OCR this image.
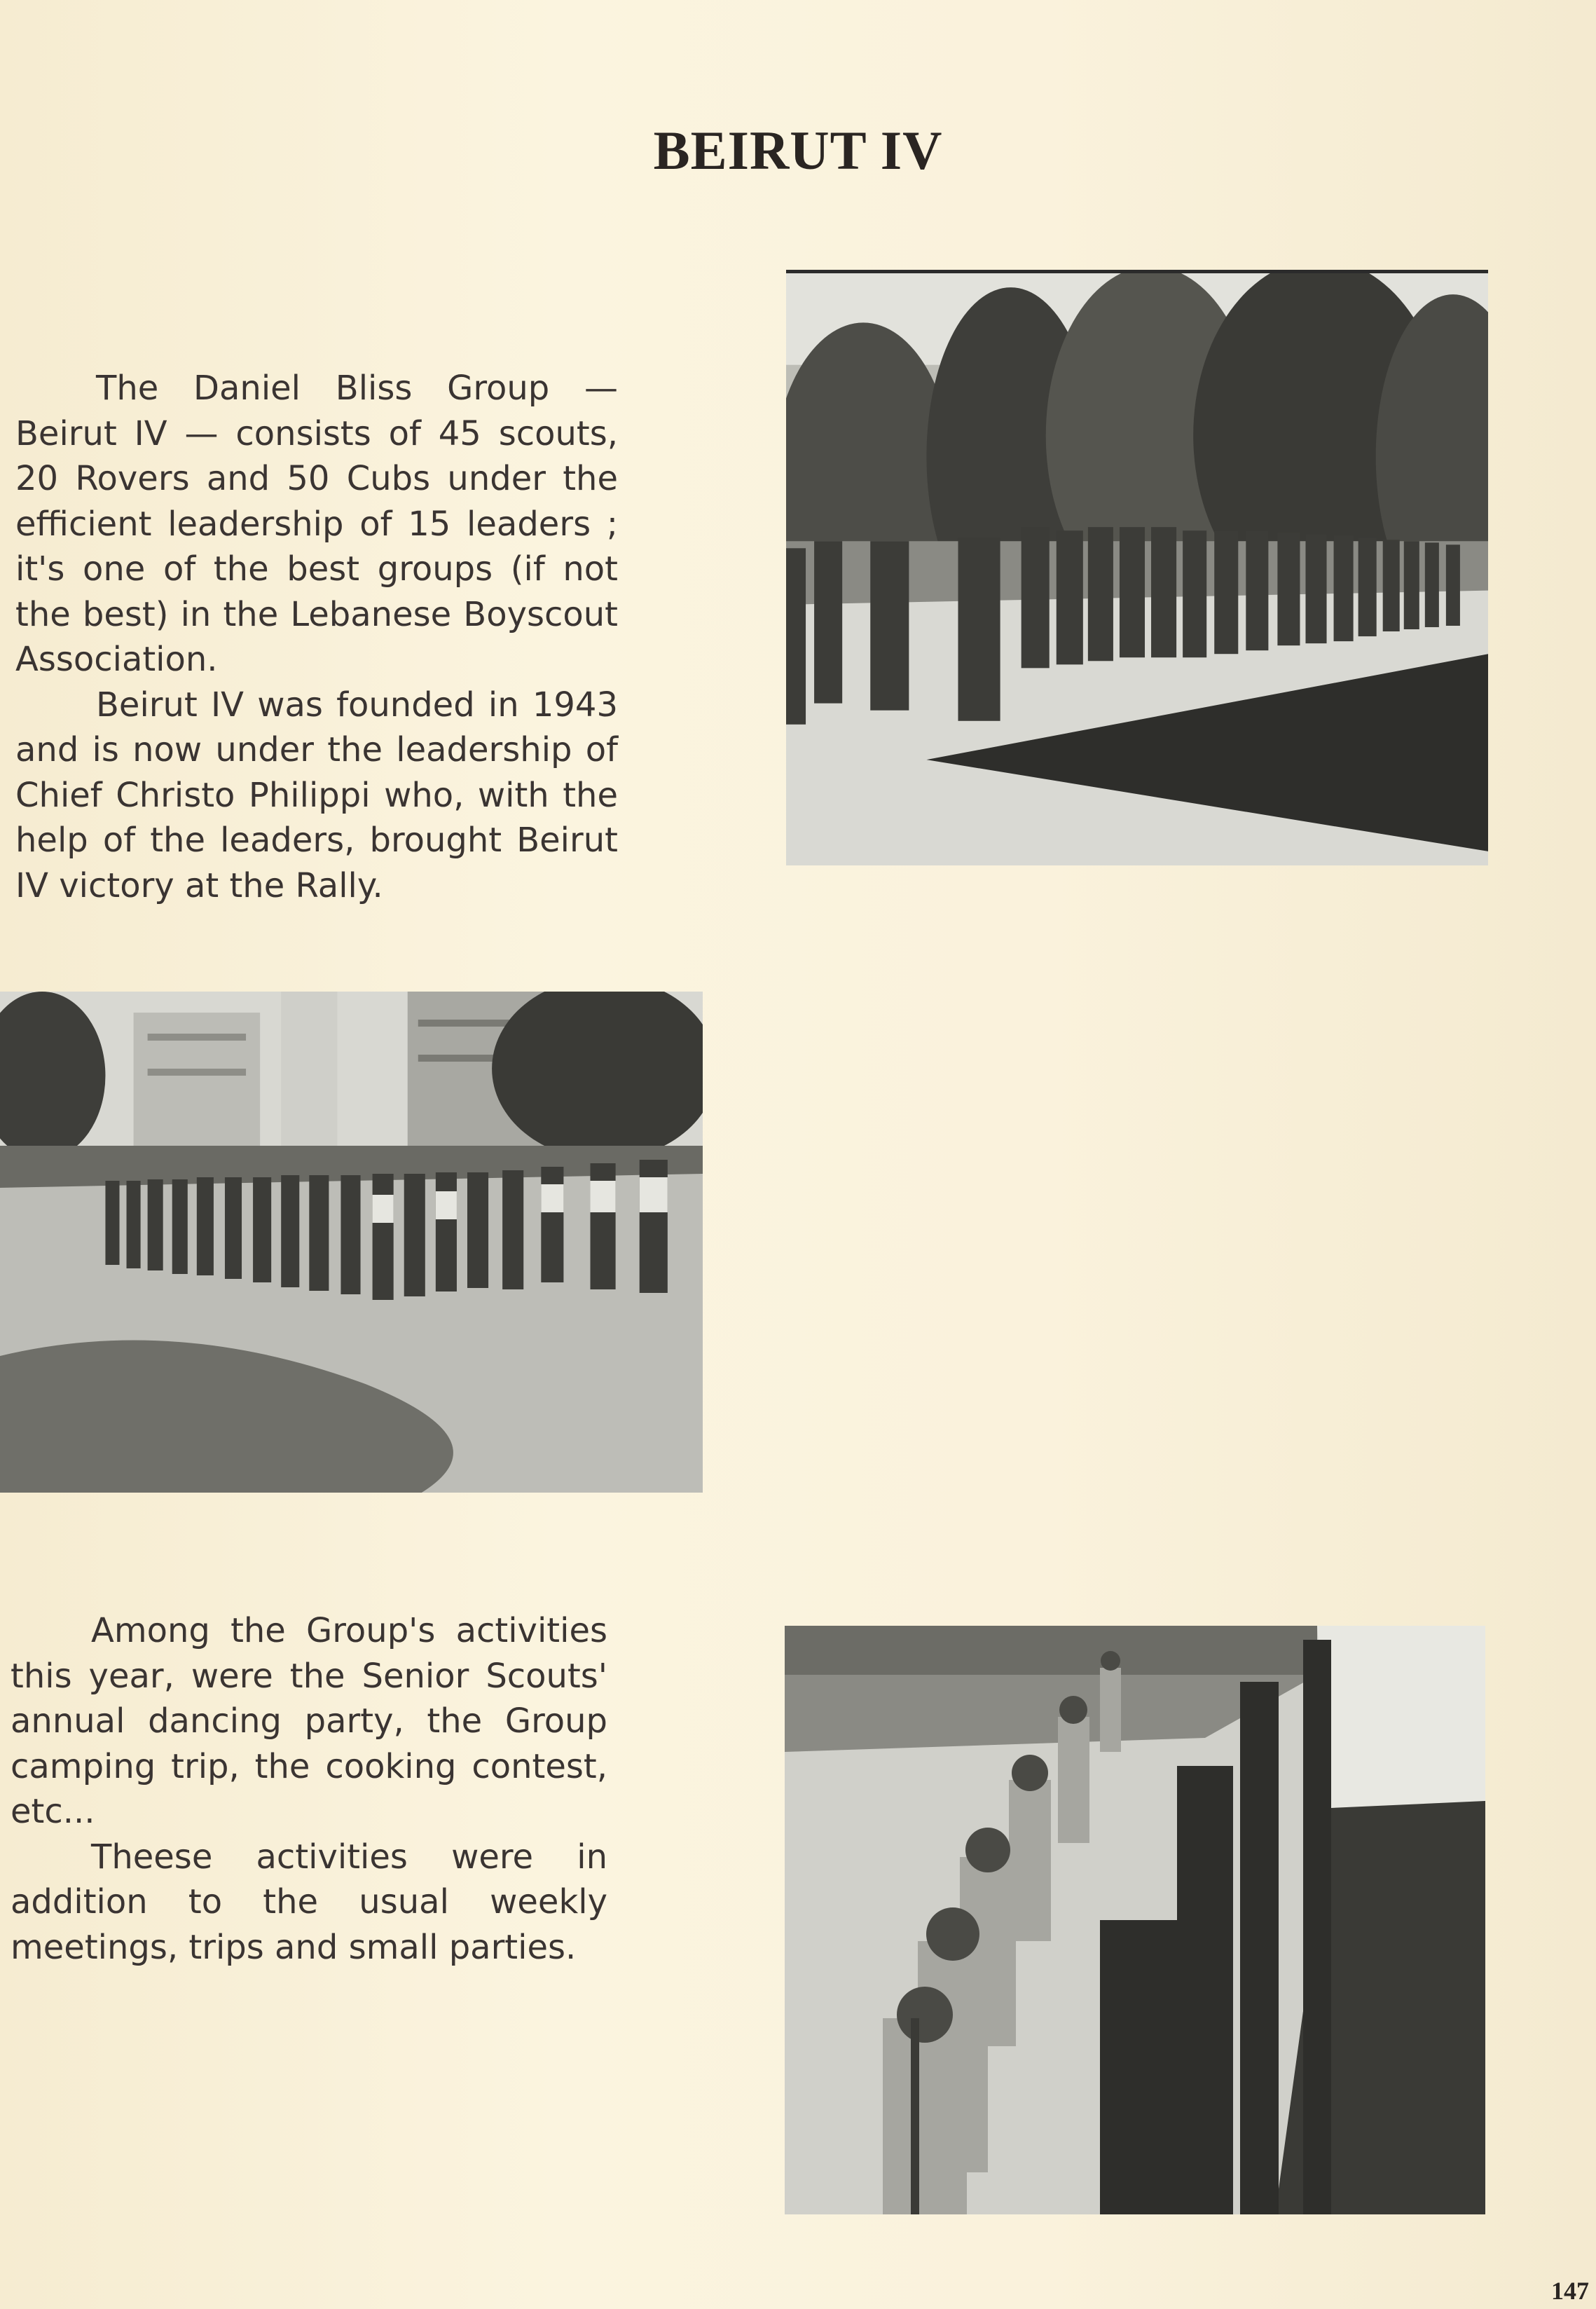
BEIRUT IV

The Daniel Bliss Group — Beirut IV — consists of 45 scouts, 20 Rovers and 50 Cubs under the efficient leadership of 15 leaders ; it's one of the best groups (if not the best) in the Lebanese Boyscout Association.

Beirut IV was founded in 1943 and is now under the leadership of Chief Christo Philippi who, with the help of the leaders, brought Beirut IV victory at the Rally.

Among the Group's activities this year, were the Senior Scouts' annual dancing party, the Group camping trip, the cooking contest, etc...

Theese activities were in addition to the usual weekly meetings, trips and small parties.

147
